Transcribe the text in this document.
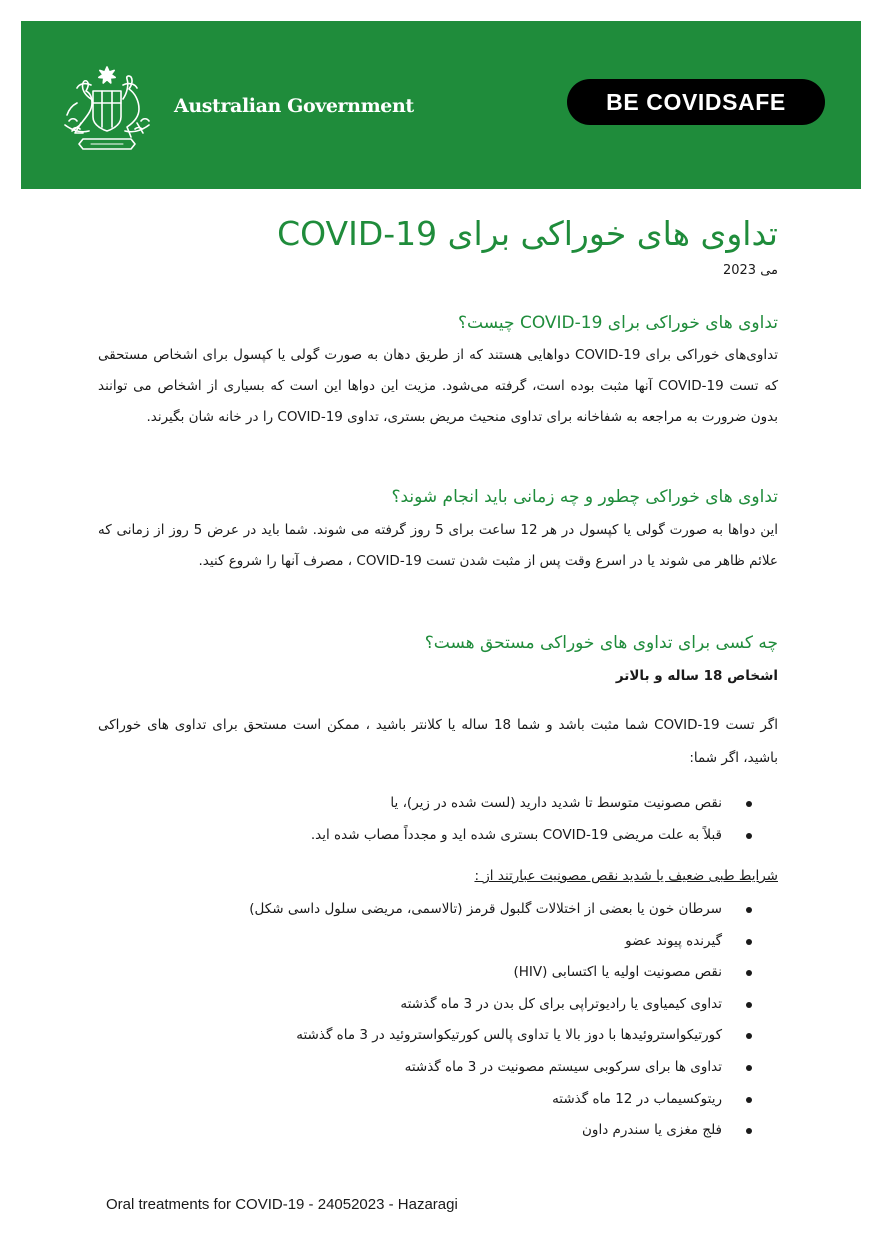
Australian Government	BE COVID SAFE
تداوی های خوراکی برای COVID-19
می 2023
تداوی های خوراکی برای COVID-19 چیست؟
تداوی‌های خوراکی برای COVID-19 دواهایی هستند که از طریق دهان به صورت گولی یا کپسول برای اشخاص مستحقی که تست COVID-19 آنها مثبت بوده است، گرفته می‌شود. مزیت این دواها این است که بسیاری از اشخاص می توانند بدون ضرورت به مراجعه به شفاخانه برای تداوی منحیث مریض بستری، تداوی COVID-19 را در خانه شان بگیرند.
تداوی های خوراکی چطور و چه زمانی باید انجام شوند؟
این دواها به صورت گولی یا کپسول در هر 12 ساعت برای 5 روز گرفته می شوند. شما باید در عرض 5 روز از زمانی که علائم ظاهر می شوند یا در اسرع وقت پس از مثبت شدن تست COVID-19 ، مصرف آنها را شروع کنید.
چه کسی برای تداوی های خوراکی مستحق هست؟
اشخاص 18 ساله و بالاتر
اگر تست COVID-19 شما مثبت باشد و شما 18 ساله یا کلانتر باشید ، ممکن است مستحق برای تداوی های خوراکی باشید، اگر شما:
نقص مصونیت متوسط تا شدید دارید (لست شده در زیر)، یا
قبلاً به علت مریضی COVID-19 بستری شده اید و مجدداً مصاب شده اید.
شرایط طبی ضعیف یا شدید نقص مصونیت عبارتند از :
سرطان خون یا بعضی از اختلالات گلبول قرمز (تالاسمی، مریضی سلول داسی شکل)
گیرنده پیوند عضو
نقص مصونیت اولیه یا اکتسابی (HIV)
تداوی کیمیاوی یا رادیوتراپی برای کل بدن در 3 ماه گذشته
کورتیکواستروئیدها با دوز بالا یا تداوی پالس کورتیکواستروئید در 3 ماه گذشته
تداوی ها برای سرکوبی سیستم مصونیت در 3 ماه گذشته
ریتوکسیماب در 12 ماه گذشته
فلج مغزی یا سندرم داون
Oral treatments for COVID-19 - 24052023 - Hazaragi
